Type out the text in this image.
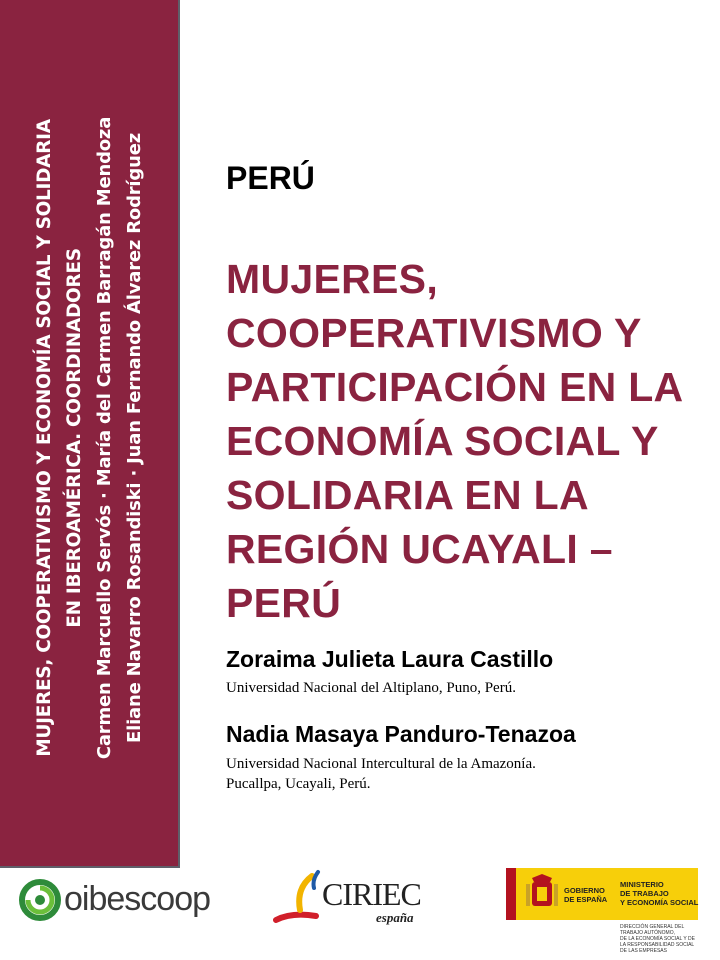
MUJERES, COOPERATIVISMO Y ECONOMÍA SOCIAL Y SOLIDARIA EN IBEROAMÉRICA. COORDINADORES Carmen Marcuello Servós · María del Carmen Barragán Mendoza Eliane Navarro Rosandiski · Juan Fernando Álvarez Rodríguez	PERÚ
MUJERES, COOPERATIVISMO Y PARTICIPACIÓN EN LA ECONOMÍA SOCIAL Y SOLIDARIA EN LA REGIÓN UCAYALI – PERÚ
Zoraima Julieta Laura Castillo
Universidad Nacional del Altiplano, Puno, Perú.
Nadia Masaya Panduro-Tenazoa
Universidad Nacional Intercultural de la Amazonía.
Pucallpa, Ucayali, Perú.
oibescoop	CIRIEC
españa
GOBIERNO
DE ESPAÑA
MINISTERIO
DE TRABAJO
Y ECONOMÍA SOCIAL
DIRECCIÓN GENERAL DEL
TRABAJO AUTÓNOMO,
DE LA ECONOMÍA SOCIAL Y DE
LA RESPONSABILIDAD SOCIAL
DE LAS EMPRESAS
